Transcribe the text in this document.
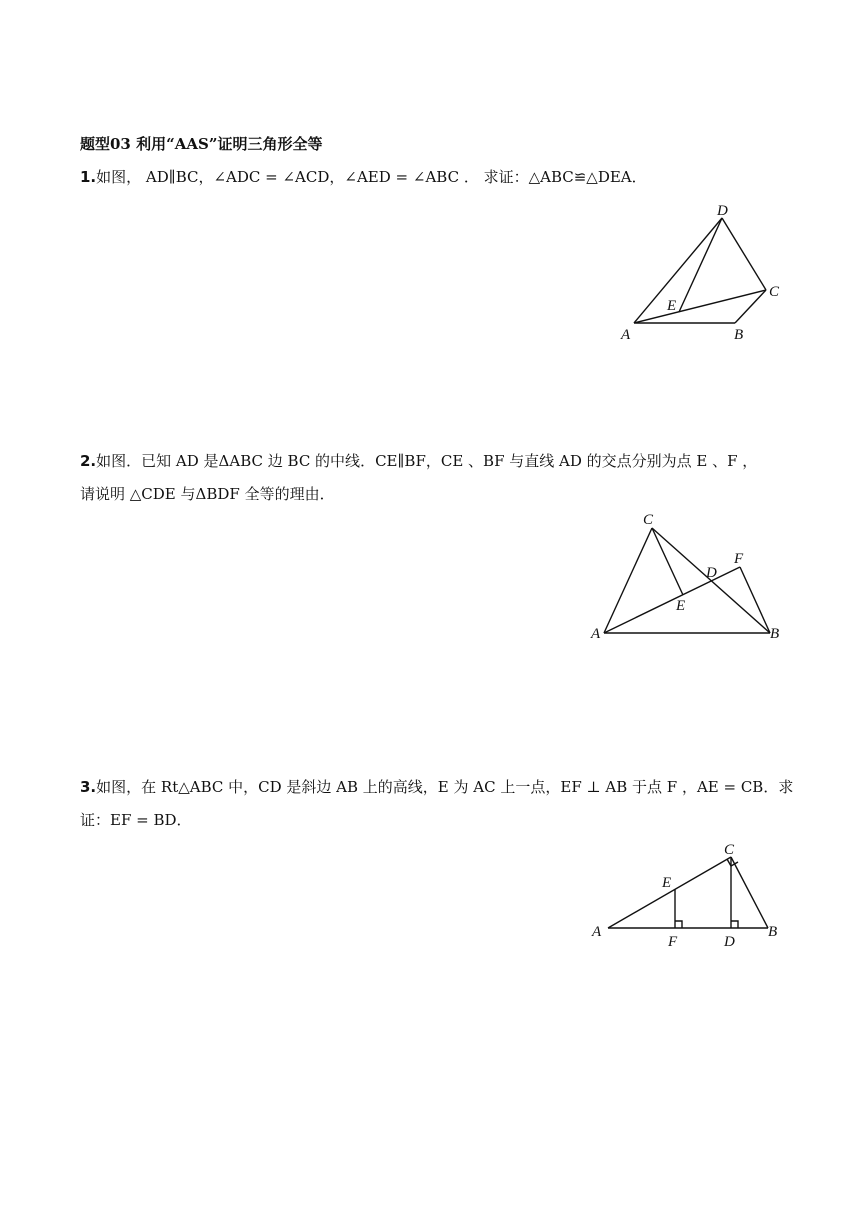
题型03 利用“AAS”证明三角形全等
1.如图， AD∥BC，∠ADC = ∠ACD，∠AED = ∠ABC ． 求证：△ABC≌△DEA．
D
C
E
A	B
2.如图．已知 AD 是ΔABC 边 BC 的中线．CE∥BF，CE 、BF 与直线 AD 的交点分别为点 E 、F ，
请说明 △CDE 与ΔBDF 全等的理由．
C
F
D
E
A	B
3.如图，在 Rt△ABC 中，CD 是斜边 AB 上的高线，E 为 AC 上一点，EF ⊥ AB 于点 F ，AE = CB．求
证：EF = BD．
C
E
A
F	D
B
